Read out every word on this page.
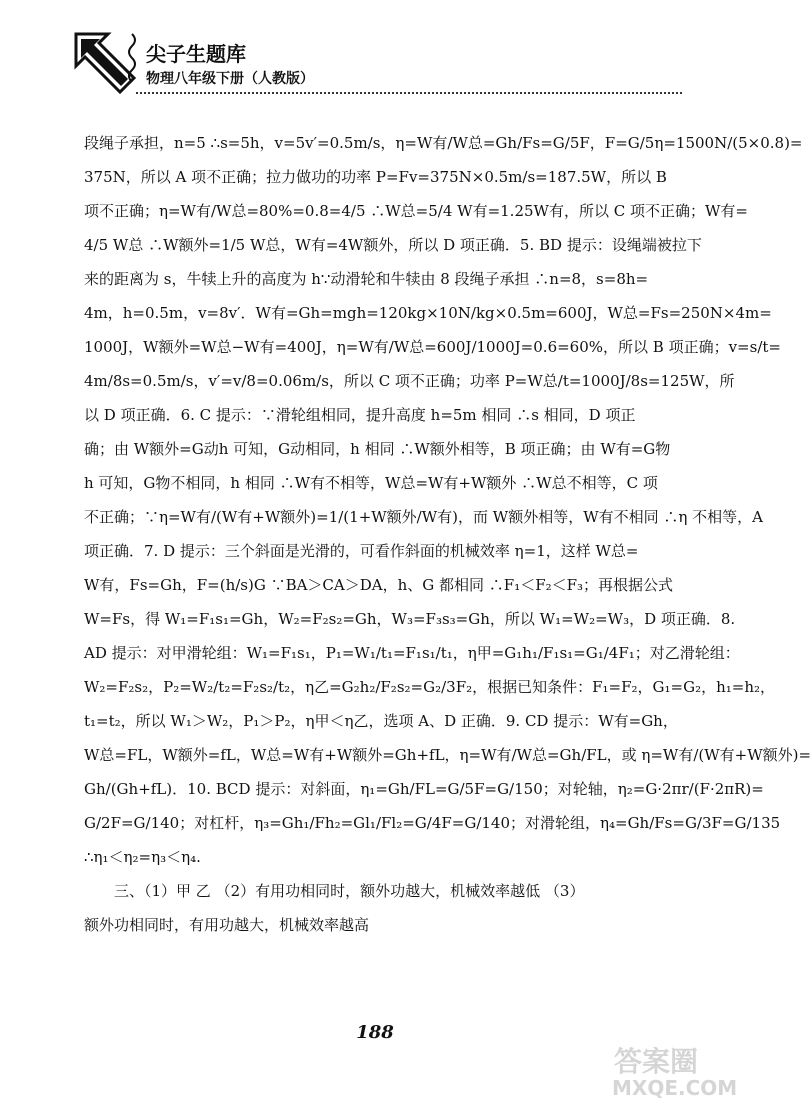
尖子生题库
物理八年级下册（人教版）
段绳子承担，n=5 ∴s=5h，v=5v′=0.5m/s，η=W有/W总=Gh/Fs=G/5F，F=G/5η=1500N/(5×0.8)=
375N，所以 A 项不正确；拉力做功的功率 P=Fv=375N×0.5m/s=187.5W，所以 B
项不正确；η=W有/W总=80%=0.8=4/5 ∴W总=5/4 W有=1.25W有，所以 C 项不正确；W有=
4/5 W总 ∴W额外=1/5 W总，W有=4W额外，所以 D 项正确．5. BD 提示：设绳端被拉下
来的距离为 s，牛犊上升的高度为 h∵动滑轮和牛犊由 8 段绳子承担 ∴n=8，s=8h=
4m，h=0.5m，v=8v′．W有=Gh=mgh=120kg×10N/kg×0.5m=600J，W总=Fs=250N×4m=
1000J，W额外=W总−W有=400J，η=W有/W总=600J/1000J=0.6=60%，所以 B 项正确；v=s/t=
4m/8s=0.5m/s，v′=v/8=0.06m/s，所以 C 项不正确；功率 P=W总/t=1000J/8s=125W，所
以 D 项正确．6. C 提示：∵滑轮组相同，提升高度 h=5m 相同 ∴s 相同，D 项正
确；由 W额外=G动h 可知，G动相同，h 相同 ∴W额外相等，B 项正确；由 W有=G物
h 可知，G物不相同，h 相同 ∴W有不相等，W总=W有+W额外 ∴W总不相等，C 项
不正确；∵η=W有/(W有+W额外)=1/(1+W额外/W有)，而 W额外相等，W有不相同 ∴η 不相等，A
项正确．7. D 提示：三个斜面是光滑的，可看作斜面的机械效率 η=1，这样 W总=
W有，Fs=Gh，F=(h/s)G ∵BA＞CA＞DA，h、G 都相同 ∴F₁＜F₂＜F₃；再根据公式
W=Fs，得 W₁=F₁s₁=Gh，W₂=F₂s₂=Gh，W₃=F₃s₃=Gh，所以 W₁=W₂=W₃，D 项正确．8.
AD 提示：对甲滑轮组：W₁=F₁s₁，P₁=W₁/t₁=F₁s₁/t₁，η甲=G₁h₁/F₁s₁=G₁/4F₁；对乙滑轮组：
W₂=F₂s₂，P₂=W₂/t₂=F₂s₂/t₂，η乙=G₂h₂/F₂s₂=G₂/3F₂，根据已知条件：F₁=F₂，G₁=G₂，h₁=h₂，
t₁=t₂，所以 W₁＞W₂，P₁＞P₂，η甲＜η乙，选项 A、D 正确．9. CD 提示：W有=Gh，
W总=FL，W额外=fL，W总=W有+W额外=Gh+fL，η=W有/W总=Gh/FL，或 η=W有/(W有+W额外)=
Gh/(Gh+fL)．10. BCD 提示：对斜面，η₁=Gh/FL=G/5F=G/150；对轮轴，η₂=G·2πr/(F·2πR)=
G/2F=G/140；对杠杆，η₃=Gh₁/Fh₂=Gl₁/Fl₂=G/4F=G/140；对滑轮组，η₄=Gh/Fs=G/3F=G/135
∴η₁＜η₂=η₃＜η₄.
三、（1）甲 乙 （2）有用功相同时，额外功越大，机械效率越低 （3）
额外功相同时，有用功越大，机械效率越高
188
答案圈
MXQE.COM
